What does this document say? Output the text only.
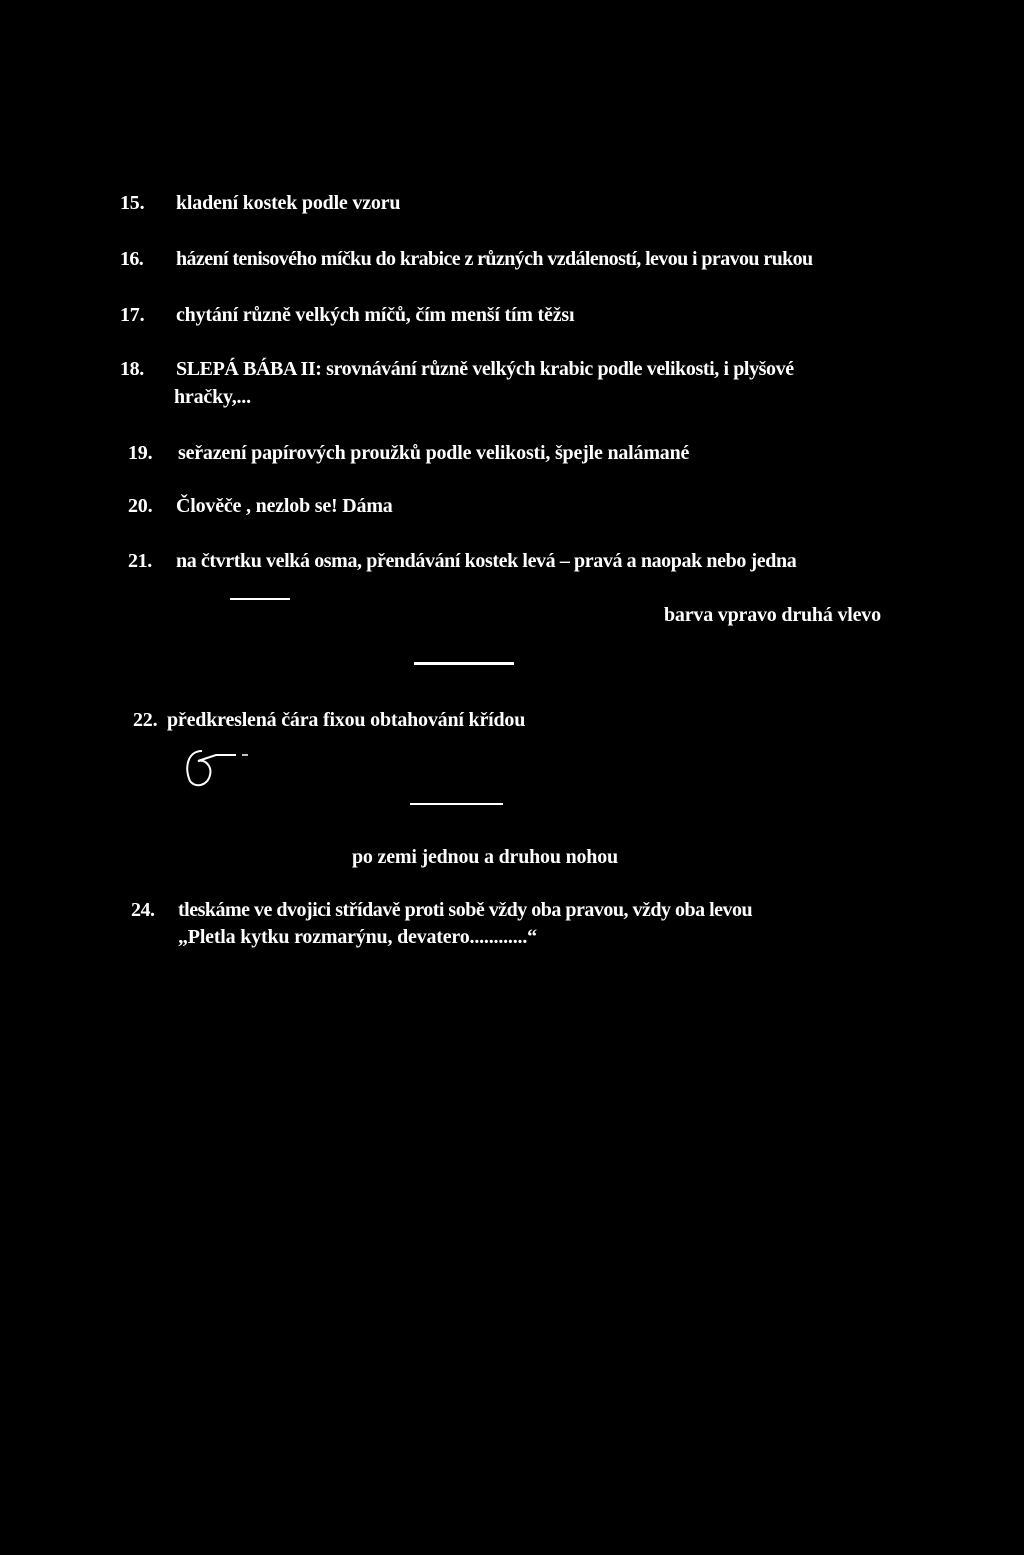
15. kladení kostek podle vzoru
16. házení tenisového míčku do krabice z různých vzdáleností, levou i pravou rukou
17. chytání různě velkých míčů, čím menší tím těžsı
18. SLEPÁ BÁBA II: srovnávání různě velkých krabic podle velikosti, i plyšové
hračky,...
19. seřazení papírových proužků podle velikosti, špejle nalámané
20. Člověče , nezlob se! Dáma
21. na čtvrtku velká osma, přendávání kostek levá – pravá a naopak nebo jedna
barva vpravo druhá vlevo
22. předkreslená čára fixou obtahování křídou
po zemi jednou a druhou nohou
24. tleskáme ve dvojici střídavě proti sobě vždy oba pravou, vždy oba levou
„Pletla kytku rozmarýnu, devatero............“
